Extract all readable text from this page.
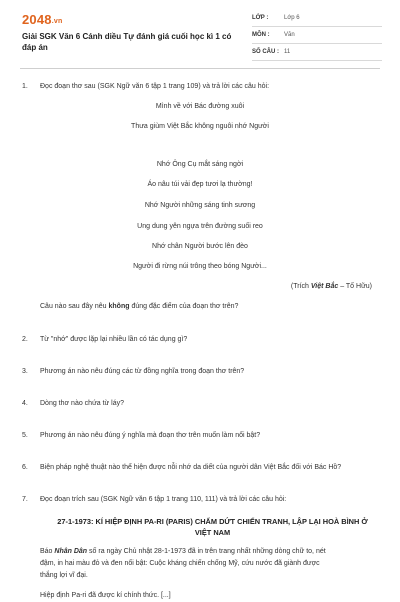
2048.vn
Giải SGK Văn 6 Cánh diều Tự đánh giá cuối học kì 1 có đáp án
LỚP :	Lớp 6
MÔN : Văn
SỐ CÂU : 11
1. Đọc đoạn thơ sau (SGK Ngữ văn 6 tập 1 trang 109) và trả lời các câu hỏi:
Mình về với Bác đường xuôi
Thưa giùm Việt Bắc không nguôi nhớ Người
Nhớ Ông Cụ mắt sáng ngời
Áo nâu túi vải đẹp tươi lạ thường!
Nhớ Người những sáng tinh sương
Ung dung yên ngựa trên đường suối reo
Nhớ chân Người bước lên đèo
Người đi rừng núi trông theo bóng Người...
(Trích Việt Bắc – Tố Hữu)
Câu nào sau đây nêu không đúng đặc điểm của đoạn thơ trên?
2. Từ "nhớ" được lặp lại nhiều lần có tác dụng gì?
3. Phương án nào nêu đúng các từ đồng nghĩa trong đoạn thơ trên?
4. Dòng thơ nào chứa từ láy?
5. Phương án nào nêu đúng ý nghĩa mà đoạn thơ trên muốn làm nổi bật?
6. Biện pháp nghệ thuật nào thể hiện được nỗi nhớ da diết của người dân Việt Bắc đối với Bác Hồ?
7. Đọc đoạn trích sau (SGK Ngữ văn 6 tập 1 trang 110, 111) và trả lời các câu hỏi:
27-1-1973: KÍ HIỆP ĐỊNH PA-RI (PARIS) CHẤM DỨT CHIẾN TRANH, LẬP LẠI HOÀ BÌNH Ở
VIỆT NAM
Báo Nhân Dân số ra ngày Chủ nhật 28-1-1973 đã in trên trang nhất những dòng chữ to, nét
đậm, in hai màu đỏ và đen nổi bật: Cuộc kháng chiến chống Mỹ, cứu nước đã giành được
thắng lợi vĩ đại.
Hiệp định Pa-ri đã được kí chính thức. [...]
